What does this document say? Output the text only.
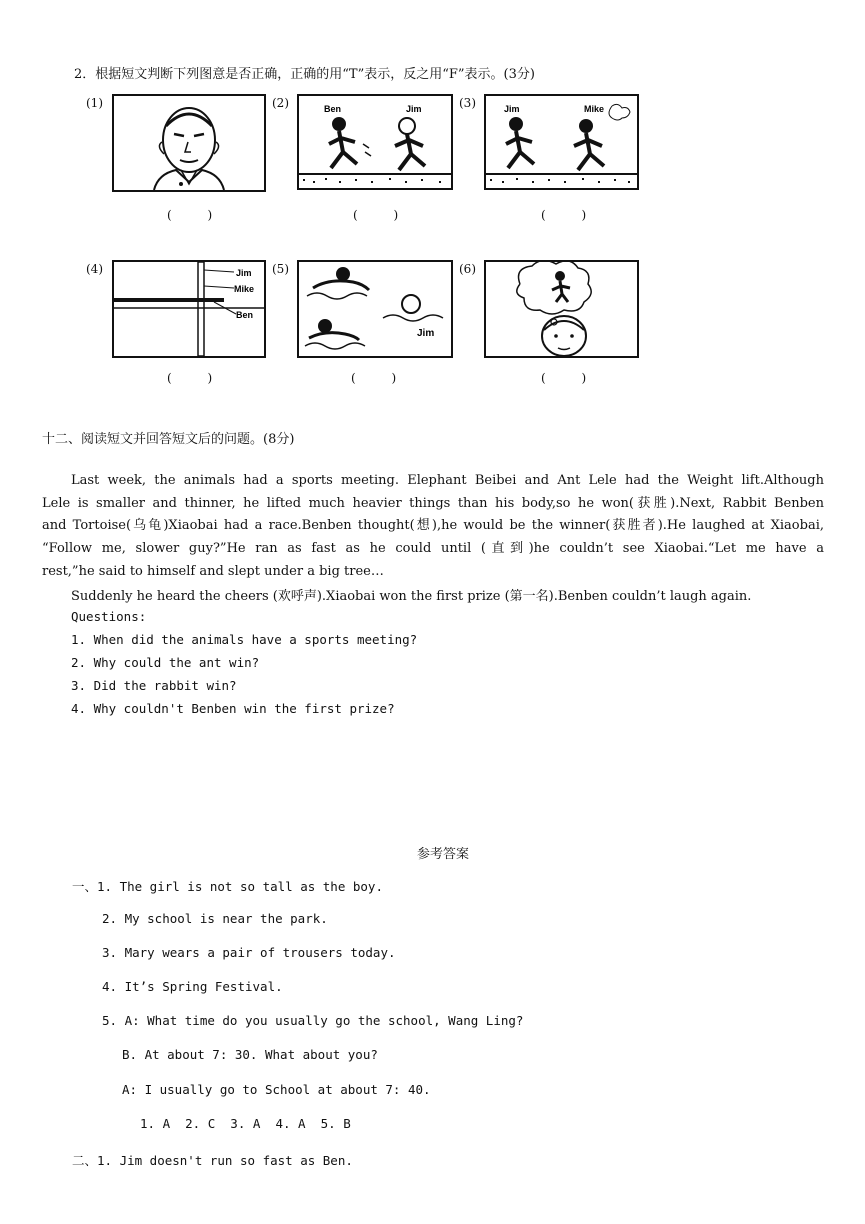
2．根据短文判断下列图意是否正确，正确的用“T”表示，反之用“F”表示。(3分)
(1)
( )
(2)	Ben	Jim
( )
(3)	Jim	Mike
( )
(4)	Jim
Mike
Ben
( )
(5)
Jim
( )
(6)
( )
十二、阅读短文并回答短文后的问题。(8分)
Last week, the animals had a sports meeting. Elephant Beibei and Ant Lele had the Weight lift.Although
Lele is smaller and thinner, he lifted much heavier things than his body,so he won(获胜).Next, Rabbit Benben
and Tortoise(乌龟)Xiaobai had a race.Benben thought(想),he would be the winner(获胜者).He laughed at Xiaobai,
“Follow me, slower guy?”He ran as fast as he could until (直到)he couldn’t see Xiaobai.“Let me have a
rest,”he said to himself and slept under a big tree…
Suddenly he heard the cheers (欢呼声).Xiaobai won the first prize (第一名).Benben couldn’t laugh again.
Questions:
1. When did the animals have a sports meeting?
2. Why could the ant win?
3. Did the rabbit win?
4. Why couldn't Benben win the first prize?
参考答案
一、1. The girl is not so tall as the boy.
2. My school is near the park.
3. Mary wears a pair of trousers today.
4. It’s Spring Festival.
5. A: What time do you usually go the school, Wang Ling?
B. At about 7: 30. What about you?
A: I usually go to School at about 7: 40.
1. A  2. C  3. A  4. A  5. B
二、1. Jim doesn't run so fast as Ben.
